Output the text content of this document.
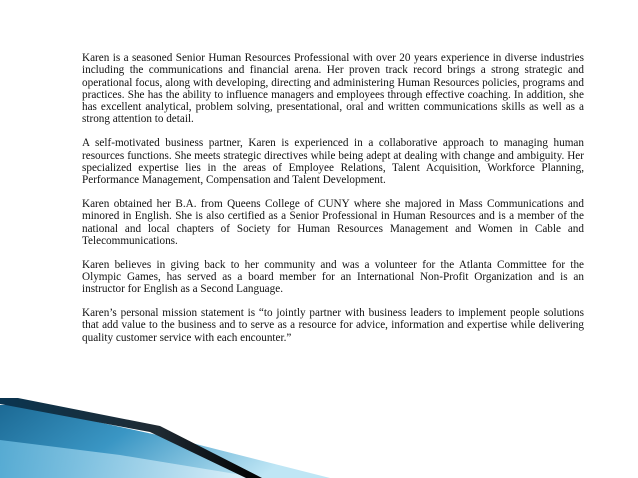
Karen is a seasoned Senior Human Resources Professional with over 20 years experience in diverse industries including the communications and financial arena. Her proven track record brings a strong strategic and operational focus, along with developing, directing and administering Human Resources policies, programs and practices. She has the ability to influence managers and employees through effective coaching. In addition, she has excellent analytical, problem solving, presentational, oral and written communications skills as well as a strong attention to detail.

A self-motivated business partner, Karen is experienced in a collaborative approach to managing human resources functions. She meets strategic directives while being adept at dealing with change and ambiguity. Her specialized expertise lies in the areas of Employee Relations, Talent Acquisition, Workforce Planning, Performance Management, Compensation and Talent Development.

Karen obtained her B.A. from Queens College of CUNY where she majored in Mass Communications and minored in English. She is also certified as a Senior Professional in Human Resources and is a member of the national and local chapters of Society for Human Resources Management and Women in Cable and Telecommunications.

Karen believes in giving back to her community and was a volunteer for the Atlanta Committee for the Olympic Games, has served as a board member for an International Non-Profit Organization and is an instructor for English as a Second Language.

Karen’s personal mission statement is “to jointly partner with business leaders to implement people solutions that add value to the business and to serve as a resource for advice, information and expertise while delivering quality customer service with each encounter.”
